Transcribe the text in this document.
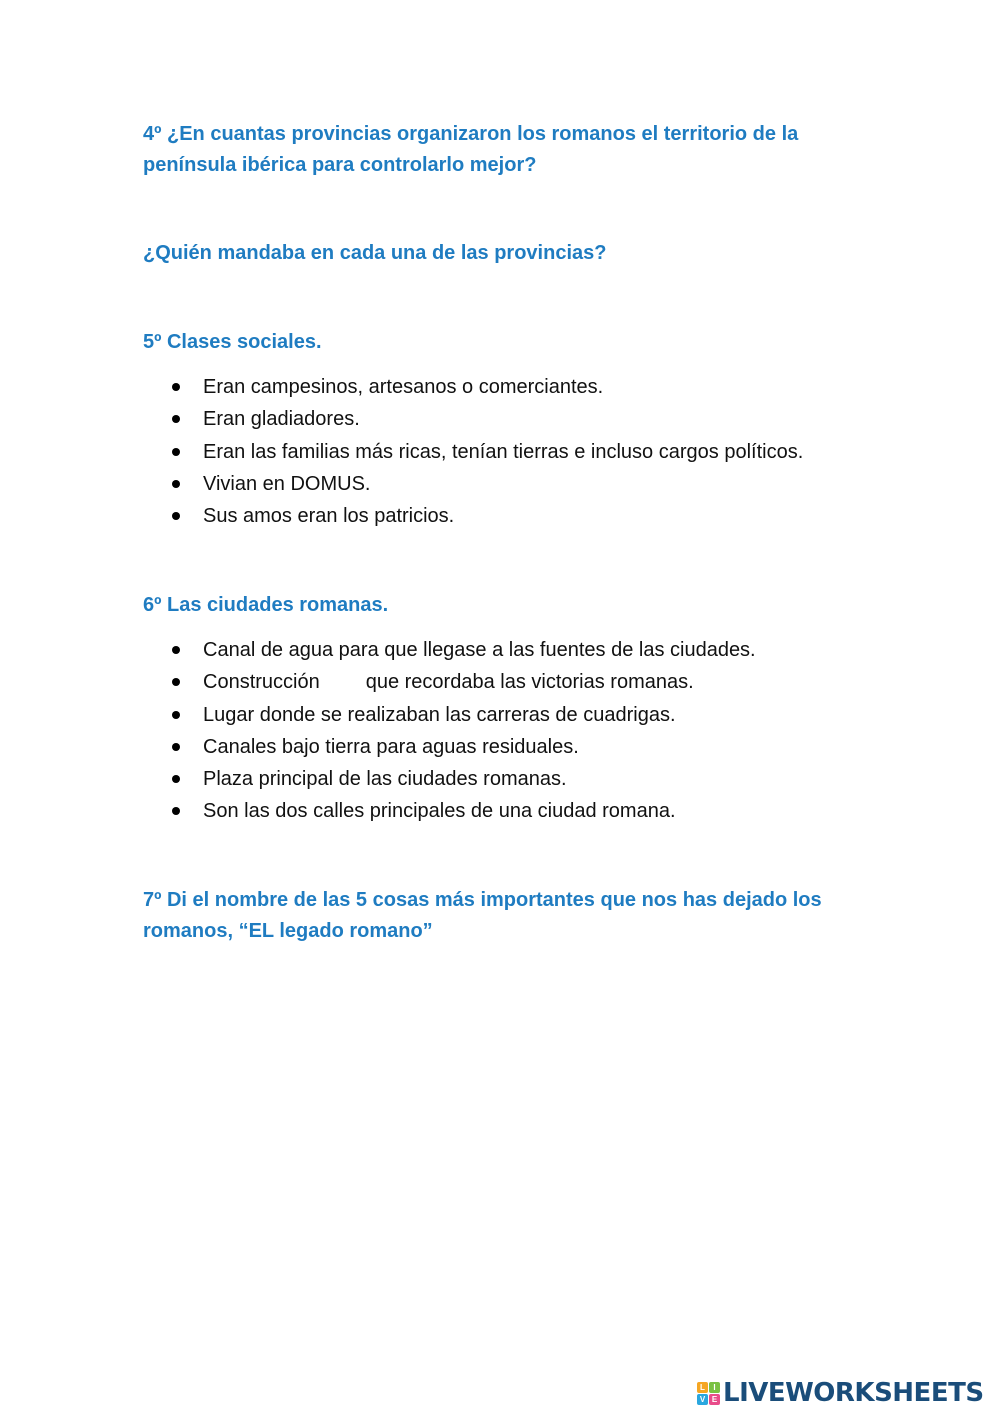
4º ¿En cuantas provincias organizaron los romanos el territorio de la península ibérica para controlarlo mejor?

¿Quién mandaba en cada una de las provincias?

5º Clases sociales.

Eran campesinos, artesanos o comerciantes.
Eran gladiadores.
Eran las familias más ricas, tenían tierras e incluso cargos políticos.
Vivian en DOMUS.
Sus amos eran los patricios.

6º Las ciudades romanas.

Canal de agua para que llegase a las fuentes de las ciudades.
Construcción que recordaba las victorias romanas.
Lugar donde se realizaban las carreras de cuadrigas.
Canales bajo tierra para aguas residuales.
Plaza principal de las ciudades romanas.
Son las dos calles principales de una ciudad romana.

7º Di el nombre de las 5 cosas más importantes que nos has dejado los romanos, “EL legado romano”

L	I
V E LIVEWORKSHEETS
